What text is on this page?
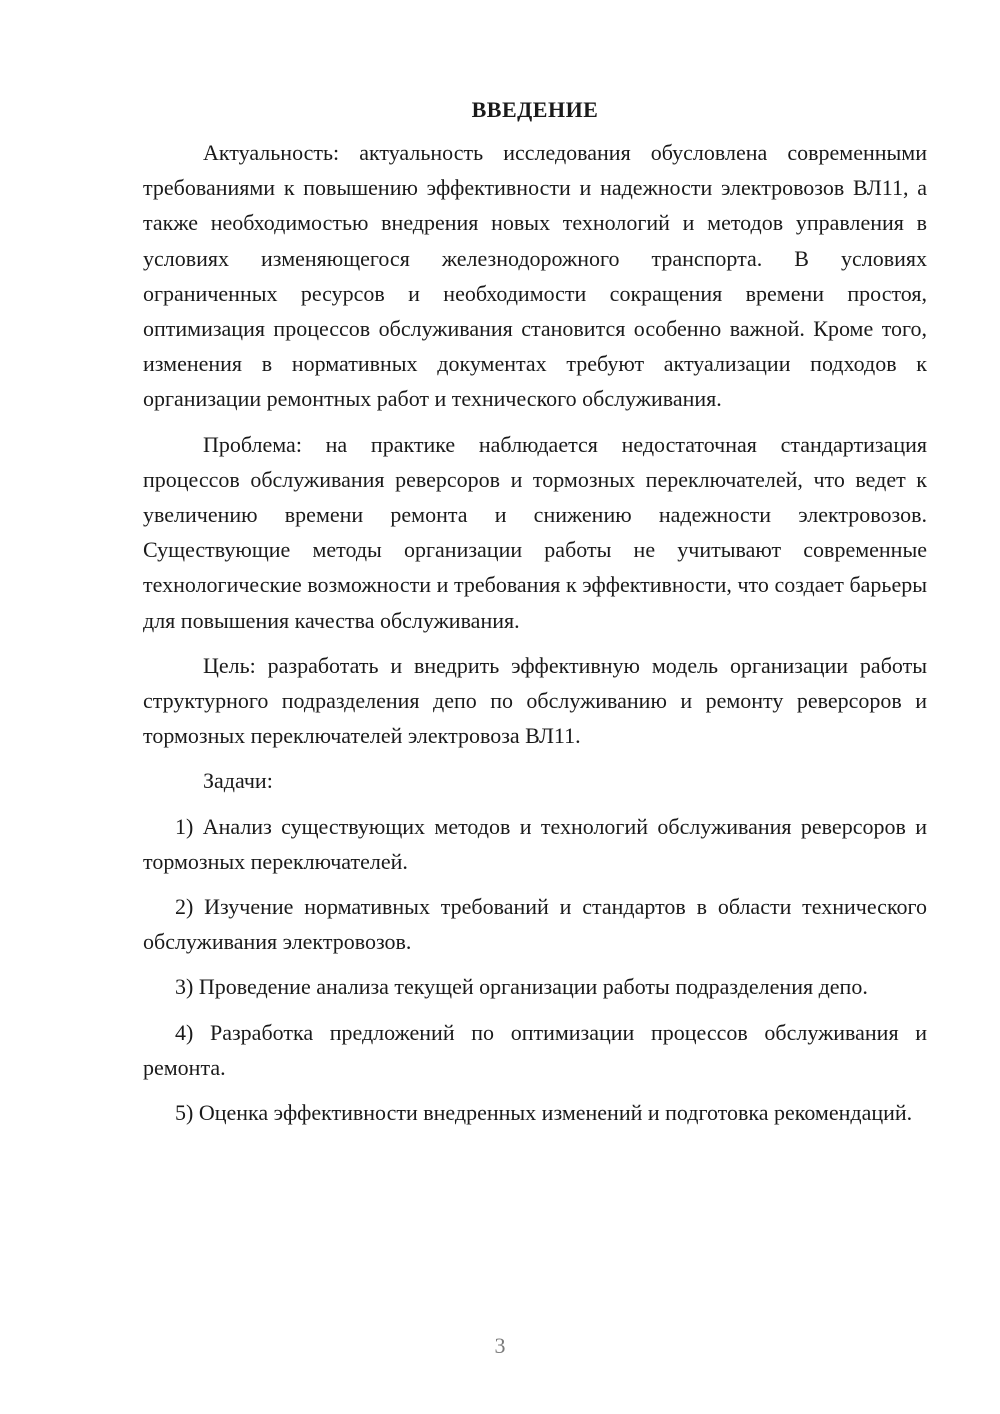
ВВЕДЕНИЕ

Актуальность: актуальность исследования обусловлена современными требованиями к повышению эффективности и надежности электровозов ВЛ11, а также необходимостью внедрения новых технологий и методов управления в условиях изменяющегося железнодорожного транспорта. В условиях ограниченных ресурсов и необходимости сокращения времени простоя, оптимизация процессов обслуживания становится особенно важной. Кроме того, изменения в нормативных документах требуют актуализации подходов к организации ремонтных работ и технического обслуживания.

Проблема: на практике наблюдается недостаточная стандартизация процессов обслуживания реверсоров и тормозных переключателей, что ведет к увеличению времени ремонта и снижению надежности электровозов. Существующие методы организации работы не учитывают современные технологические возможности и требования к эффективности, что создает барьеры для повышения качества обслуживания.

Цель: разработать и внедрить эффективную модель организации работы структурного подразделения депо по обслуживанию и ремонту реверсоров и тормозных переключателей электровоза ВЛ11.

Задачи:

1) Анализ существующих методов и технологий обслуживания реверсоров и тормозных переключателей.

2) Изучение нормативных требований и стандартов в области технического обслуживания электровозов.

3) Проведение анализа текущей организации работы подразделения депо.

4) Разработка предложений по оптимизации процессов обслуживания и ремонта.

5) Оценка эффективности внедренных изменений и подготовка рекомендаций.

3
